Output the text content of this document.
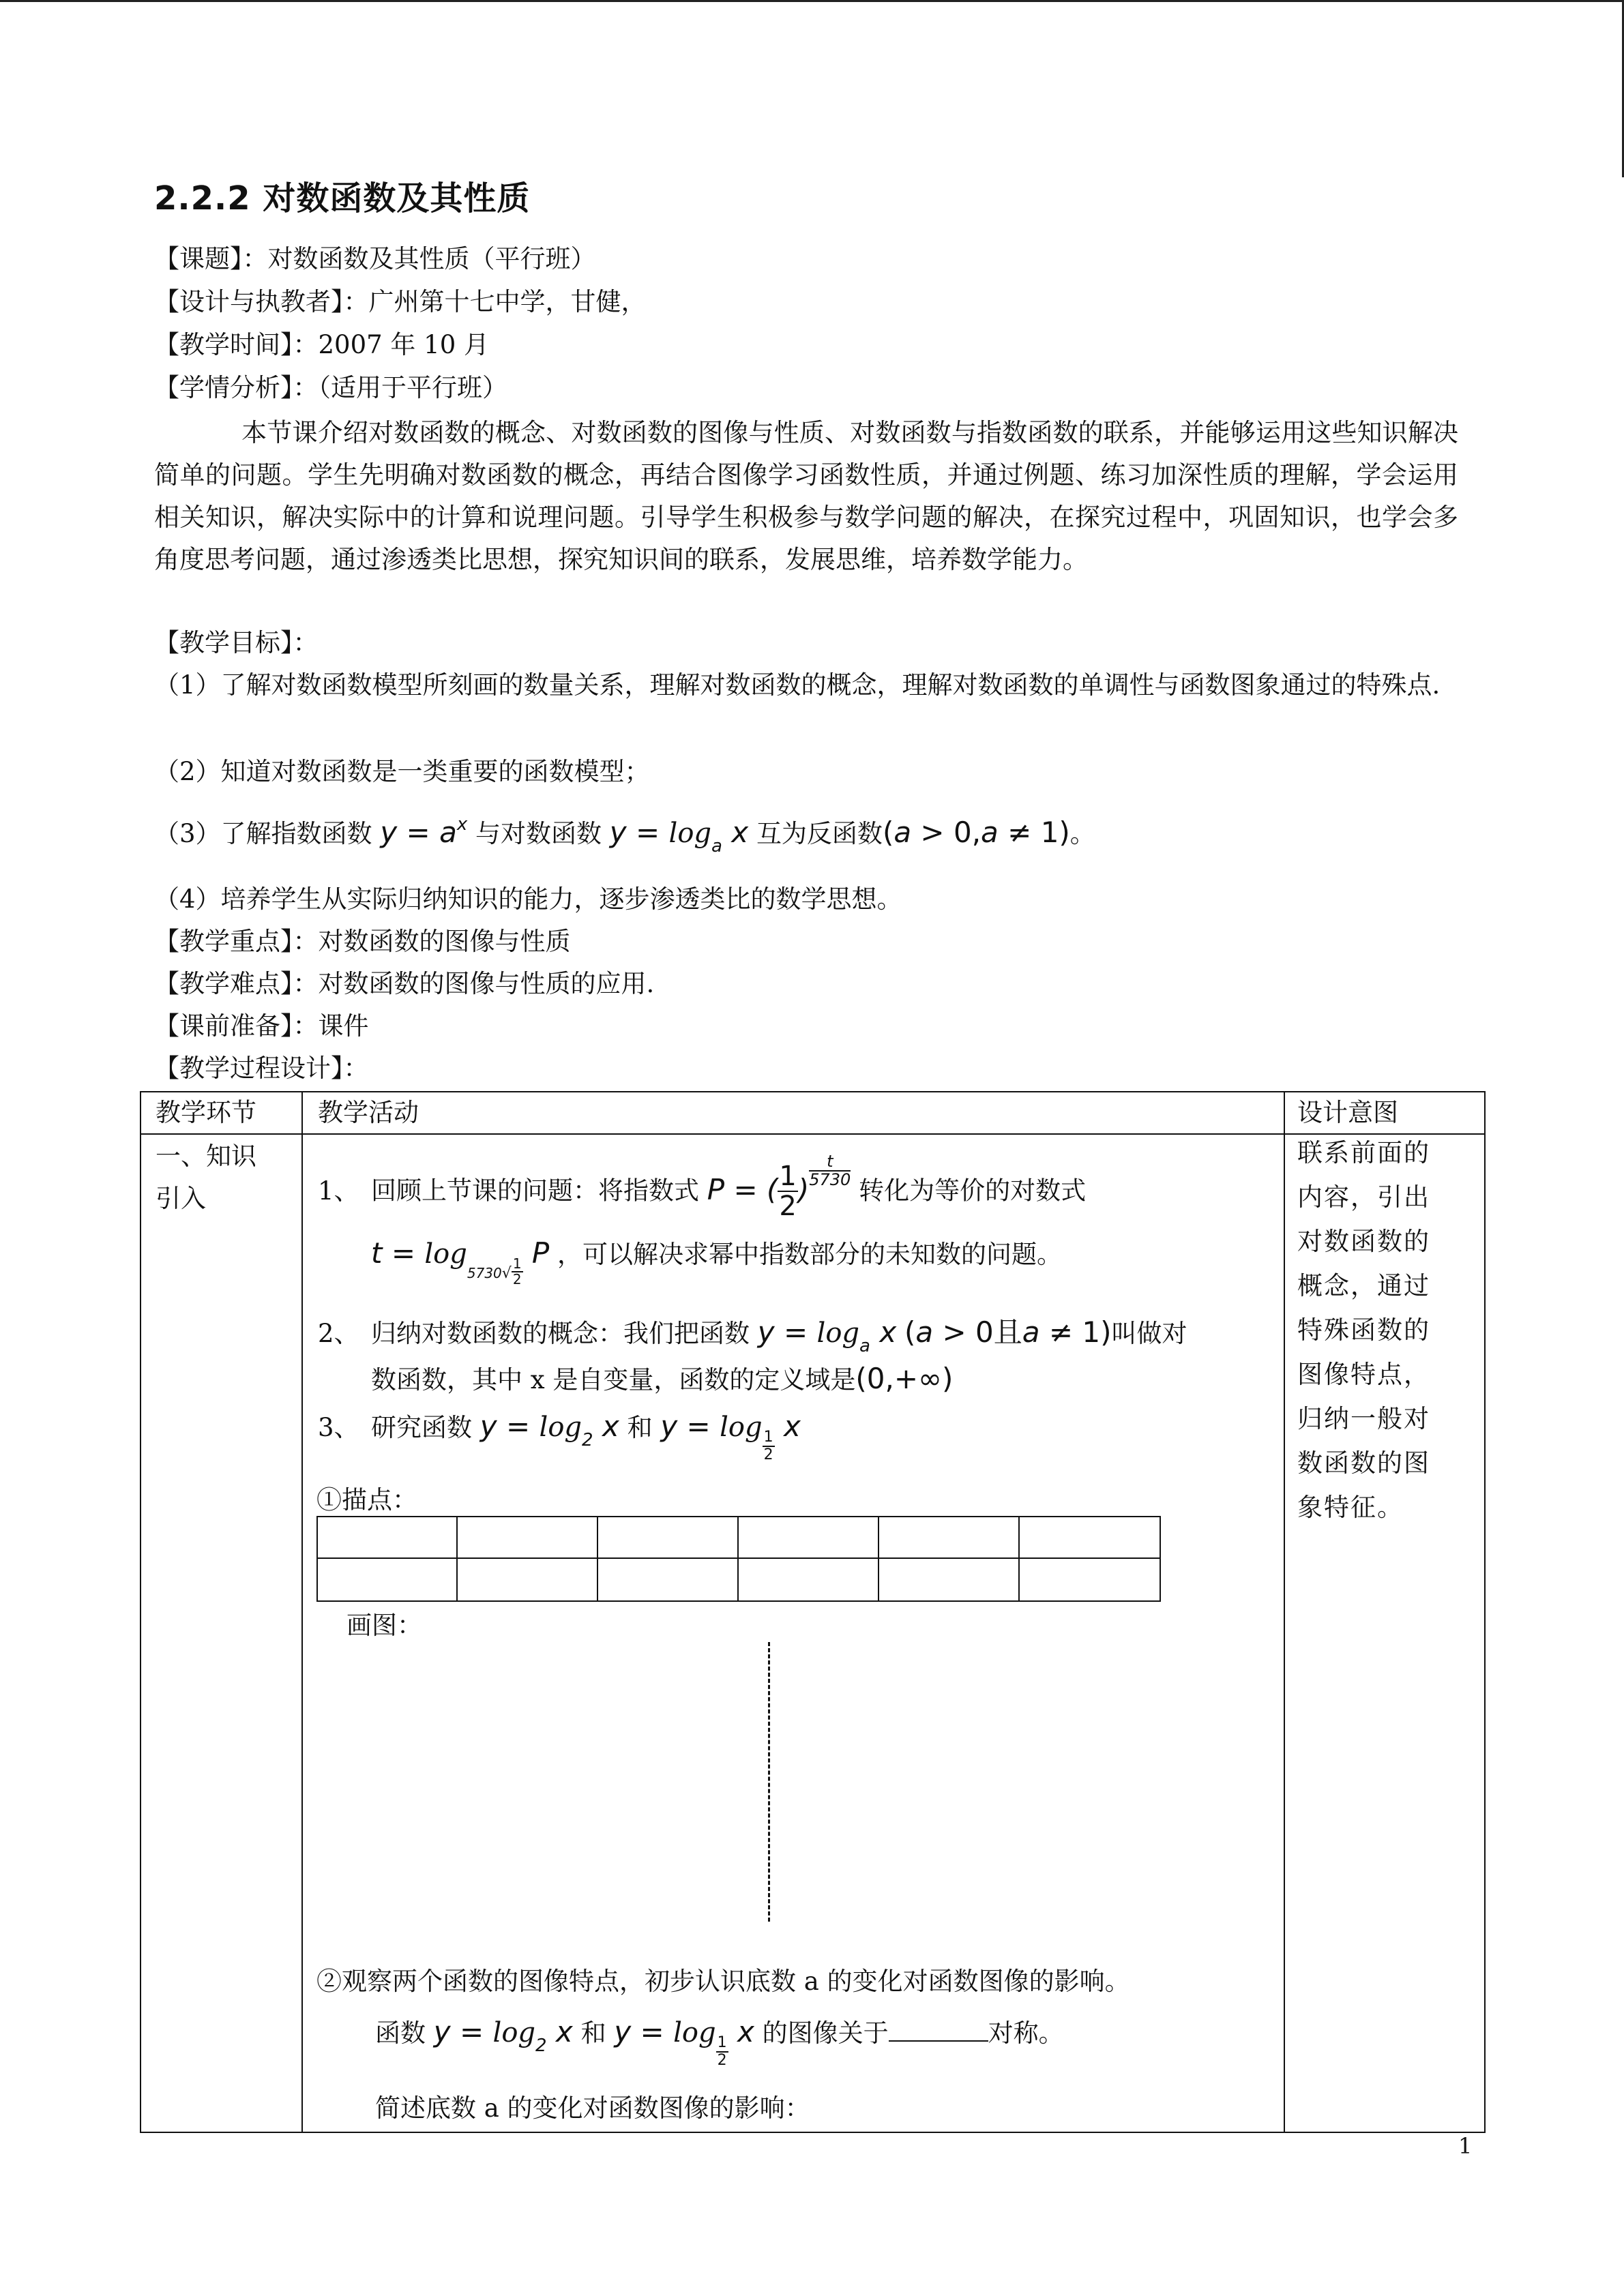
2.2.2 对数函数及其性质
【课题】：对数函数及其性质（平行班）
【设计与执教者】：广州第十七中学，甘健，
【教学时间】：2007 年 10 月
【学情分析】：（适用于平行班）
本节课介绍对数函数的概念、对数函数的图像与性质、对数函数与指数函数的联系，并能够运用这些知识解决简单的问题。学生先明确对数函数的概念，再结合图像学习函数性质，并通过例题、练习加深性质的理解，学会运用相关知识，解决实际中的计算和说理问题。引导学生积极参与数学问题的解决，在探究过程中，巩固知识，也学会多角度思考问题，通过渗透类比思想，探究知识间的联系，发展思维，培养数学能力。
【教学目标】：
（1）了解对数函数模型所刻画的数量关系，理解对数函数的概念，理解对数函数的单调性与函数图象通过的特殊点.
（2）知道对数函数是一类重要的函数模型；
（3）了解指数函数 $y = a^x$ 与对数函数 $y = \log_a x$ 互为反函数(a > 0,a ≠ 1)。
（4）培养学生从实际归纳知识的能力，逐步渗透类比的数学思想。
【教学重点】：对数函数的图像与性质
【教学难点】：对数函数的图像与性质的应用.
【课前准备】：课件
【教学过程设计】：
教学环节 教学活动	设计意图
一、知识
引入
联系前面的内容，引出对数函数的概念，通过特殊函数的图像特点，归纳一般对数函数的图象特征。
1、 回顾上节课的问题：将指数式 P = ( $\frac{1}{2}$ )
$\frac{t}{5730}$
转化为等价的对数式
$t = \log_{5730√} \frac{1}{2}$
P ，可以解决求幂中指数部分的未知数的问题。
2、 归纳对数函数的概念：我们把函数 $y = \log_a x$ (a > 0且a ≠ 1)叫做对
数函数，其中 x 是自变量，函数的定义域是(0,+∞)
3、 研究函数 $y = \log_2 x$ 和 y = log
$\frac{1}{2}$
x
①描点：
画图：
②观察两个函数的图像特点，初步认识底数 a 的变化对函数图像的影响。
函数 $y = \log_2 x$ 和 y = log
$\frac{1}{2}$
x 的图像关于	对称。
简述底数 a 的变化对函数图像的影响：
1
